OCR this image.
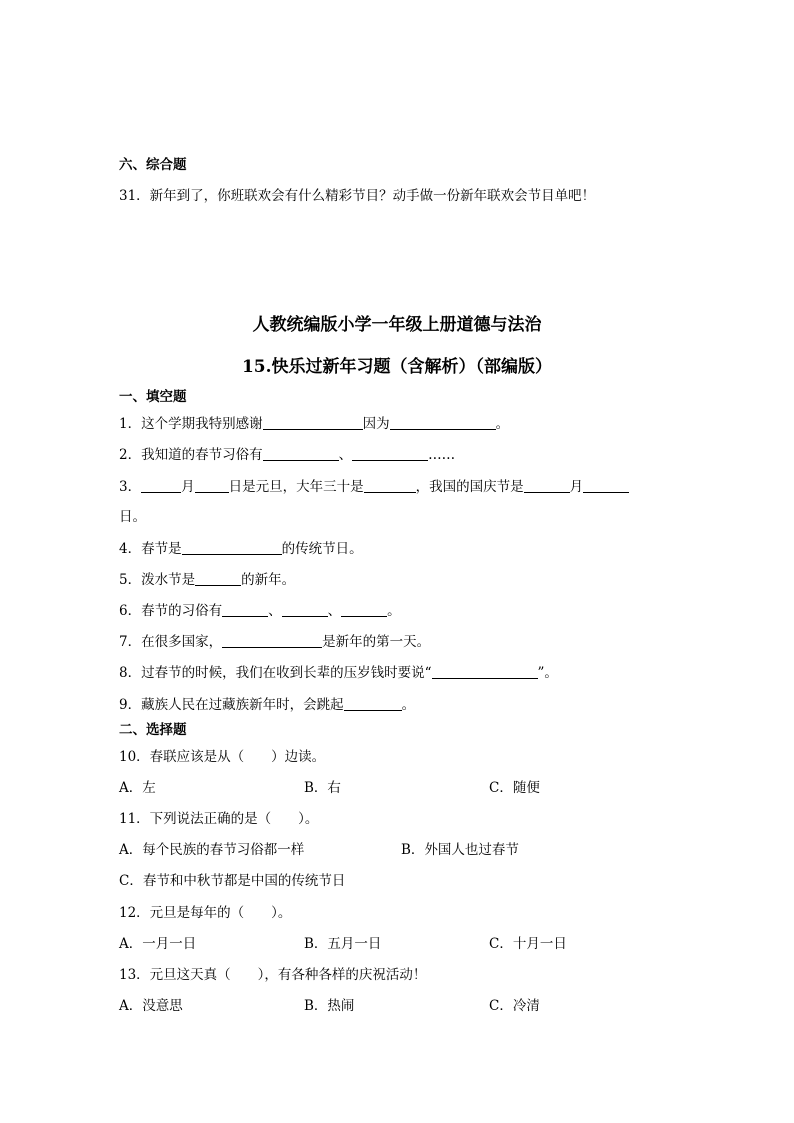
六、综合题
31．新年到了，你班联欢会有什么精彩节目？动手做一份新年联欢会节目单吧！
人教统编版小学一年级上册道德与法治
15.快乐过新年习题（含解析）（部编版）
一、填空题
1．这个学期我特别感谢	因为	。
2．我知道的春节习俗有	、	……
3．	月	日是元旦，大年三十是	，我国的国庆节是	月
日。
4．春节是	的传统节日。
5．泼水节是	的新年。
6．春节的习俗有	、	、	。
7．在很多国家，	是新年的第一天。
8．过春节的时候，我们在收到长辈的压岁钱时要说“	”。
9．藏族人民在过藏族新年时，会跳起	。
二、选择题
10．春联应该是从（　　）边读。
A．左	B．右	C．随便
11．下列说法正确的是（　　）。
A．每个民族的春节习俗都一样	B．外国人也过春节
C．春节和中秋节都是中国的传统节日
12．元旦是每年的（　　）。
A．一月一日	B．五月一日	C．十月一日
13．元旦这天真（　　），有各种各样的庆祝活动！
A．没意思	B．热闹	C．冷清
